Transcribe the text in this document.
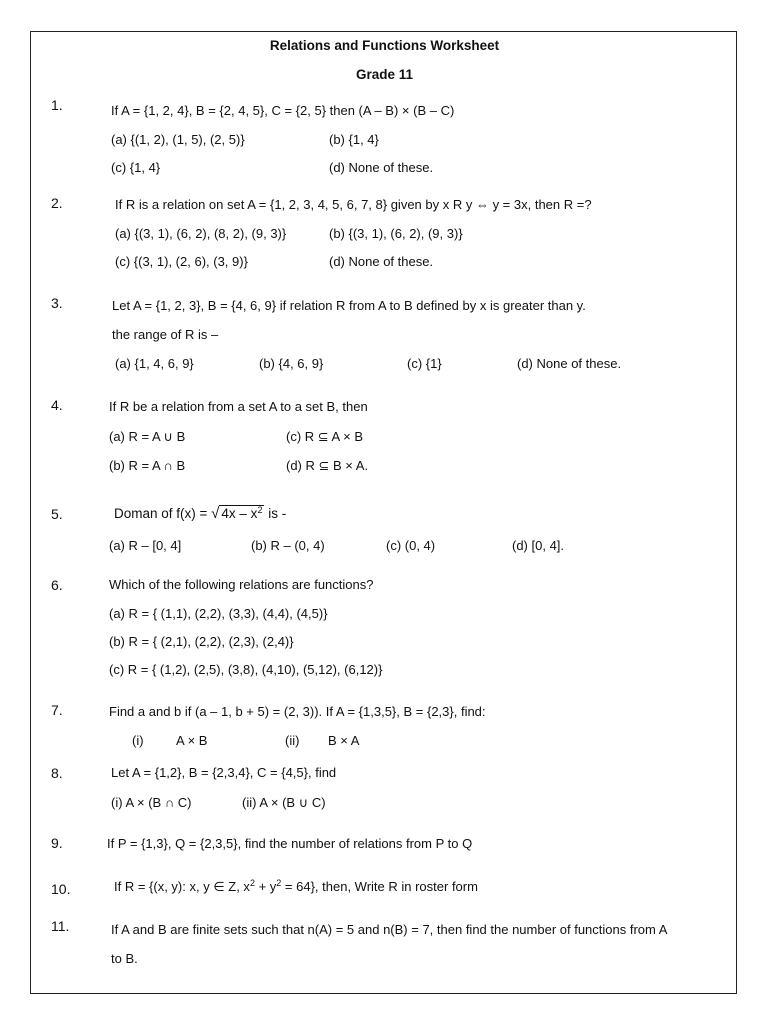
Relations and Functions Worksheet
Grade 11
1.	If A = {1, 2, 4}, B = {2, 4, 5}, C = {2, 5} then (A – B) × (B – C)
(a) {(1, 2), (1, 5), (2, 5)}	(b) {1, 4}
(c) {1, 4}	(d) None of these.
2.	If R is a relation on set A = {1, 2, 3, 4, 5, 6, 7, 8} given by x R y ⇔ y = 3x, then R =?
(a) {(3, 1), (6, 2), (8, 2), (9, 3)}	(b) {(3, 1), (6, 2), (9, 3)}
(c) {(3, 1), (2, 6), (3, 9)}	(d) None of these.
3.	Let A = {1, 2, 3}, B = {4, 6, 9} if relation R from A to B defined by x is greater than y.
the range of R is –
(a) {1, 4, 6, 9}	(b) {4, 6, 9}	(c) {1}	(d) None of these.
4.	If R be a relation from a set A to a set B, then
(a) R = A ∪ B	(c) R ⊆ A × B
(b) R = A ∩ B	(d) R ⊆ B × A.
5.	Doman of f(x) = √ $4x - x^2$ is -
(a) R – [0, 4]	(b) R – (0, 4)	(c) (0, 4)	(d) [0, 4].
6.	Which of the following relations are functions?
(a) R = { (1,1), (2,2), (3,3), (4,4), (4,5)}
(b) R = { (2,1), (2,2), (2,3), (2,4)}
(c) R = { (1,2), (2,5), (3,8), (4,10), (5,12), (6,12)}
7.	Find a and b if (a – 1, b + 5) = (2, 3)). If A = {1,3,5}, B = {2,3}, find:
(i) A × B	(ii) B × A
8.	Let A = {1,2}, B = {2,3,4}, C = {4,5}, find
(i) A × (B ∩ C)	(ii) A × (B ∪ C)
9.	If P = {1,3}, Q = {2,3,5}, find the number of relations from P to Q
10.	If R = {(x, y): x, y ∈ Z, $x^2 + y^2 = 64$}, then, Write R in roster form
11.	If A and B are finite sets such that n(A) = 5 and n(B) = 7, then find the number of functions from A
to B.
